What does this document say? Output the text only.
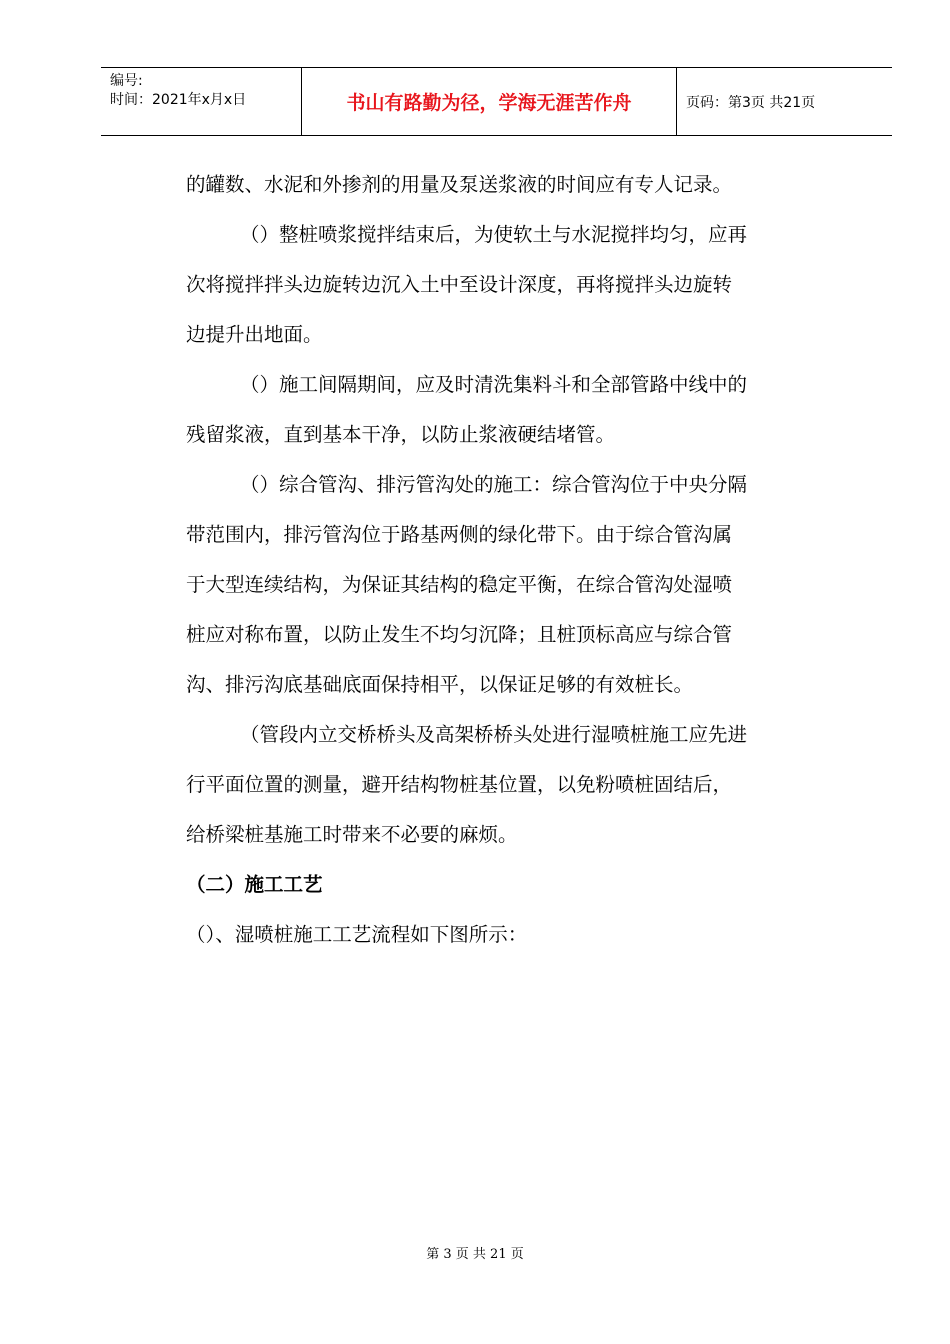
编号:
时间：2021年x月x日	书山有路勤为径，学海无涯苦作舟	页码：第3页 共21页

的罐数、水泥和外掺剂的用量及泵送浆液的时间应有专人记录。

（）整桩喷浆搅拌结束后，为使软土与水泥搅拌均匀，应再

次将搅拌拌头边旋转边沉入土中至设计深度，再将搅拌头边旋转

边提升出地面。

（）施工间隔期间，应及时清洗集料斗和全部管路中线中的

残留浆液，直到基本干净，以防止浆液硬结堵管。

（）综合管沟、排污管沟处的施工：综合管沟位于中央分隔

带范围内，排污管沟位于路基两侧的绿化带下。由于综合管沟属

于大型连续结构，为保证其结构的稳定平衡，在综合管沟处湿喷

桩应对称布置，以防止发生不均匀沉降；且桩顶标高应与综合管

沟、排污沟底基础底面保持相平，以保证足够的有效桩长。

（管段内立交桥桥头及高架桥桥头处进行湿喷桩施工应先进

行平面位置的测量，避开结构物桩基位置，以免粉喷桩固结后，

给桥梁桩基施工时带来不必要的麻烦。

（二）施工工艺

（）、湿喷桩施工工艺流程如下图所示：

第 3 页 共 21 页
